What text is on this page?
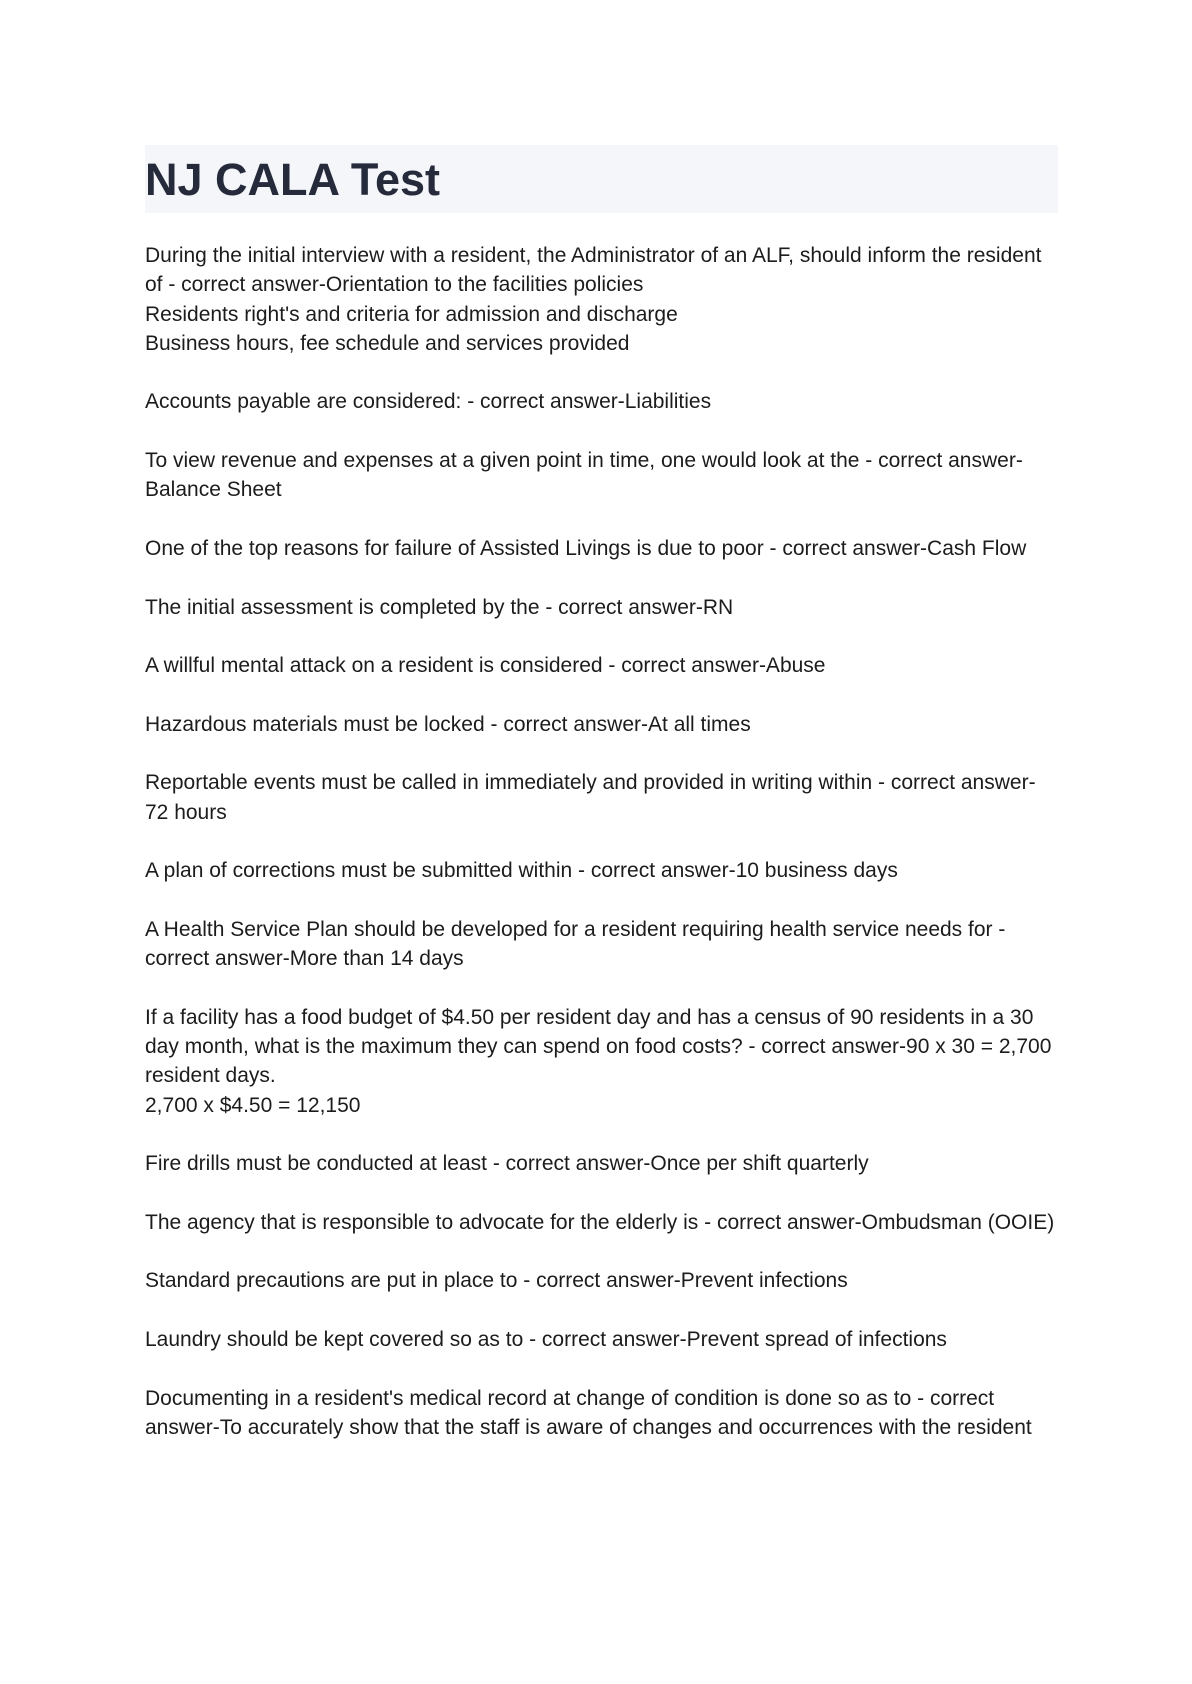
NJ CALA Test

During the initial interview with a resident, the Administrator of an ALF, should inform the resident of - correct answer-Orientation to the facilities policies
Residents right's and criteria for admission and discharge
Business hours, fee schedule and services provided

Accounts payable are considered: - correct answer-Liabilities

To view revenue and expenses at a given point in time, one would look at the - correct answer-Balance Sheet

One of the top reasons for failure of Assisted Livings is due to poor - correct answer-Cash Flow

The initial assessment is completed by the - correct answer-RN

A willful mental attack on a resident is considered - correct answer-Abuse

Hazardous materials must be locked - correct answer-At all times

Reportable events must be called in immediately and provided in writing within - correct answer-72 hours

A plan of corrections must be submitted within - correct answer-10 business days

A Health Service Plan should be developed for a resident requiring health service needs for - correct answer-More than 14 days

If a facility has a food budget of $4.50 per resident day and has a census of 90 residents in a 30 day month, what is the maximum they can spend on food costs? - correct answer-90 x 30 = 2,700 resident days.
2,700 x $4.50 = 12,150

Fire drills must be conducted at least - correct answer-Once per shift quarterly

The agency that is responsible to advocate for the elderly is - correct answer-Ombudsman (OOIE)

Standard precautions are put in place to - correct answer-Prevent infections

Laundry should be kept covered so as to - correct answer-Prevent spread of infections

Documenting in a resident's medical record at change of condition is done so as to - correct answer-To accurately show that the staff is aware of changes and occurrences with the resident
